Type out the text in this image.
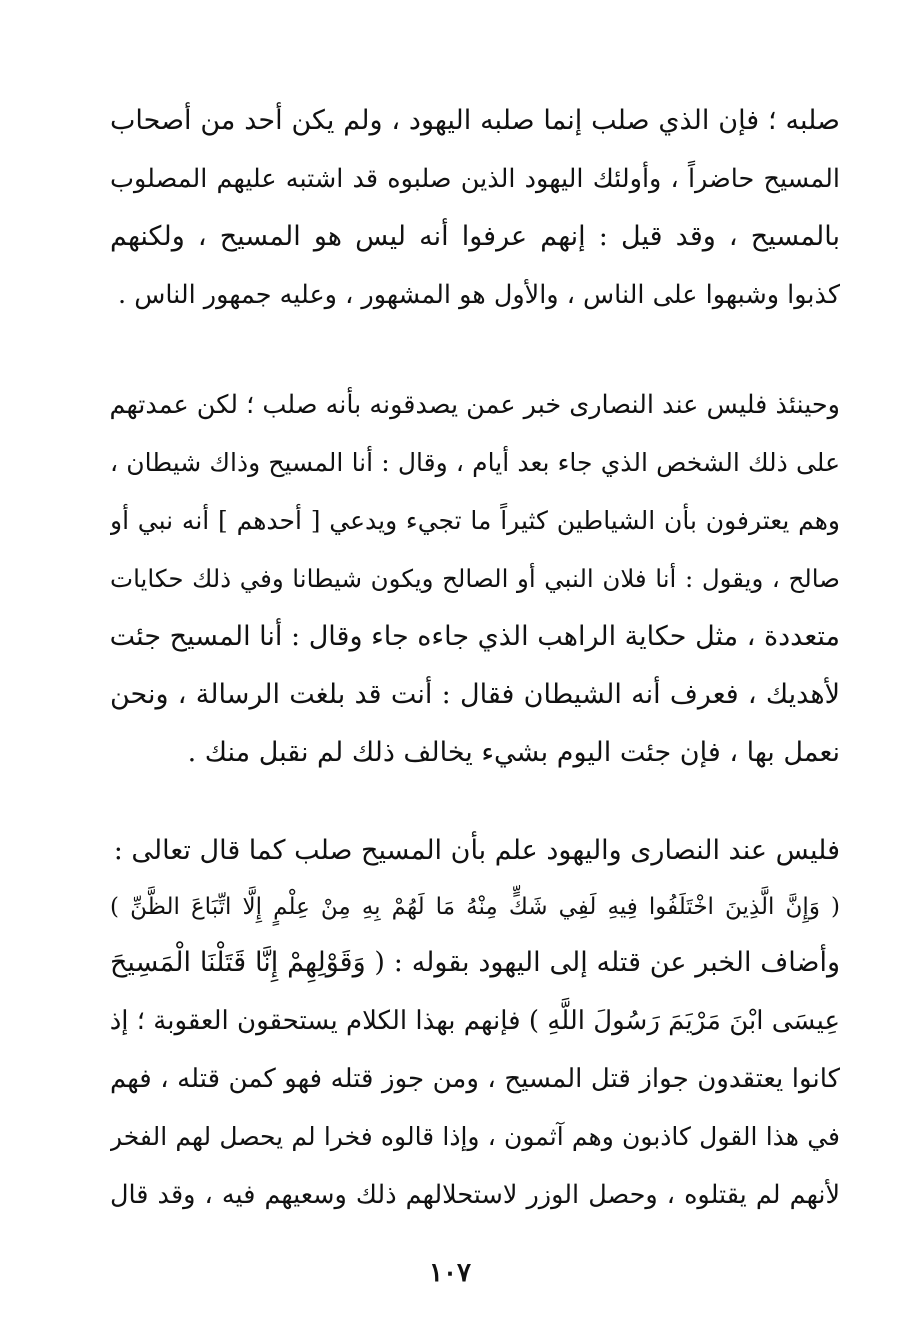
صلبه ؛ فإن الذي صلب إنما صلبه اليهود ، ولم يكن أحد من أصحاب
المسيح حاضراً ، وأولئك اليهود الذين صلبوه قد اشتبه عليهم المصلوب
بالمسيح ، وقد قيل : إنهم عرفوا أنه ليس هو المسيح ، ولكنهم
كذبوا وشبهوا على الناس ، والأول هو المشهور ، وعليه جمهور الناس .
وحينئذ فليس عند النصارى خبر عمن يصدقونه بأنه صلب ؛ لكن عمدتهم
على ذلك الشخص الذي جاء بعد أيام ، وقال : أنا المسيح وذاك شيطان ،
وهم يعترفون بأن الشياطين كثيراً ما تجيء ويدعي [ أحدهم ] أنه نبي أو
صالح ، ويقول : أنا فلان النبي أو الصالح ويكون شيطانا وفي ذلك حكايات
متعددة ، مثل حكاية الراهب الذي جاءه جاء وقال : أنا المسيح جئت
لأهديك ، فعرف أنه الشيطان فقال : أنت قد بلغت الرسالة ، ونحن
نعمل بها ، فإن جئت اليوم بشيء يخالف ذلك لم نقبل منك .
فليس عند النصارى واليهود علم بأن المسيح صلب كما قال تعالى :
( وَإِنَّ الَّذِينَ اخْتَلَفُوا فِيهِ لَفِي شَكٍّ مِنْهُ مَا لَهُمْ بِهِ مِنْ عِلْمٍ إِلَّا اتِّبَاعَ الظَّنِّ )
وأضاف الخبر عن قتله إلى اليهود بقوله : ( وَقَوْلِهِمْ إِنَّا قَتَلْنَا الْمَسِيحَ
عِيسَى ابْنَ مَرْيَمَ رَسُولَ اللَّهِ ) فإنهم بهذا الكلام يستحقون العقوبة ؛ إذ
كانوا يعتقدون جواز قتل المسيح ، ومن جوز قتله فهو كمن قتله ، فهم
في هذا القول كاذبون وهم آثمون ، وإذا قالوه فخرا لم يحصل لهم الفخر
لأنهم لم يقتلوه ، وحصل الوزر لاستحلالهم ذلك وسعيهم فيه ، وقد قال
١٠٧
